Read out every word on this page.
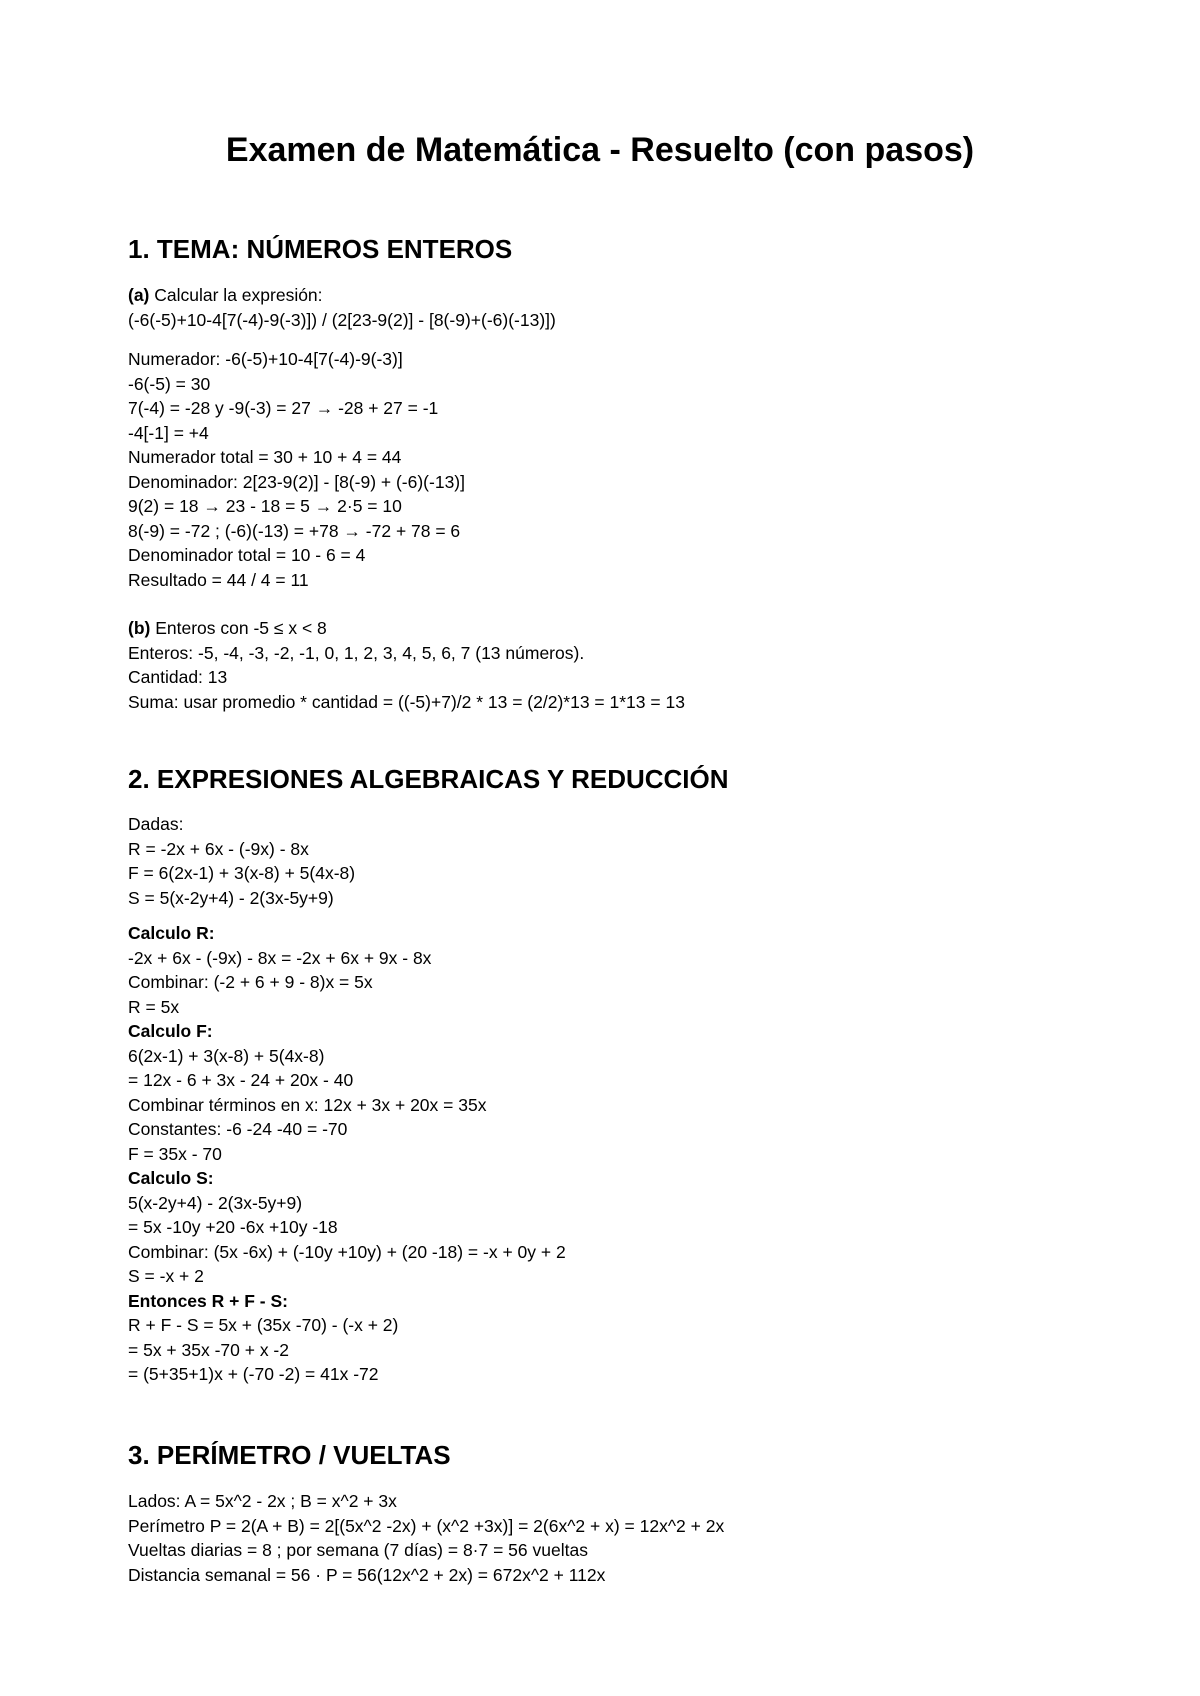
Examen de Matemática - Resuelto (con pasos)
1. TEMA: NÚMEROS ENTEROS
(a) Calcular la expresión:
(-6(-5)+10-4[7(-4)-9(-3)]) / (2[23-9(2)] - [8(-9)+(-6)(-13)])
Numerador: -6(-5)+10-4[7(-4)-9(-3)]
-6(-5) = 30
7(-4) = -28 y -9(-3) = 27 → -28 + 27 = -1
-4[-1] = +4
Numerador total = 30 + 10 + 4 = 44
Denominador: 2[23-9(2)] - [8(-9) + (-6)(-13)]
9(2) = 18 → 23 - 18 = 5 → 2·5 = 10
8(-9) = -72 ; (-6)(-13) = +78 → -72 + 78 = 6
Denominador total = 10 - 6 = 4
Resultado = 44 / 4 = 11
(b) Enteros con -5 ≤ x < 8
Enteros: -5, -4, -3, -2, -1, 0, 1, 2, 3, 4, 5, 6, 7 (13 números).
Cantidad: 13
Suma: usar promedio * cantidad = ((-5)+7)/2 * 13 = (2/2)*13 = 1*13 = 13
2. EXPRESIONES ALGEBRAICAS Y REDUCCIÓN
Dadas:
R = -2x + 6x - (-9x) - 8x
F = 6(2x-1) + 3(x-8) + 5(4x-8)
S = 5(x-2y+4) - 2(3x-5y+9)
Calculo R:
-2x + 6x - (-9x) - 8x = -2x + 6x + 9x - 8x
Combinar: (-2 + 6 + 9 - 8)x = 5x
R = 5x
Calculo F:
6(2x-1) + 3(x-8) + 5(4x-8)
= 12x - 6 + 3x - 24 + 20x - 40
Combinar términos en x: 12x + 3x + 20x = 35x
Constantes: -6 -24 -40 = -70
F = 35x - 70
Calculo S:
5(x-2y+4) - 2(3x-5y+9)
= 5x -10y +20 -6x +10y -18
Combinar: (5x -6x) + (-10y +10y) + (20 -18) = -x + 0y + 2
S = -x + 2
Entonces R + F - S:
R + F - S = 5x + (35x -70) - (-x + 2)
= 5x + 35x -70 + x -2
= (5+35+1)x + (-70 -2) = 41x -72
3. PERÍMETRO / VUELTAS
Lados: A = 5x^2 - 2x ; B = x^2 + 3x
Perímetro P = 2(A + B) = 2[(5x^2 -2x) + (x^2 +3x)] = 2(6x^2 + x) = 12x^2 + 2x
Vueltas diarias = 8 ; por semana (7 días) = 8·7 = 56 vueltas
Distancia semanal = 56 · P = 56(12x^2 + 2x) = 672x^2 + 112x
